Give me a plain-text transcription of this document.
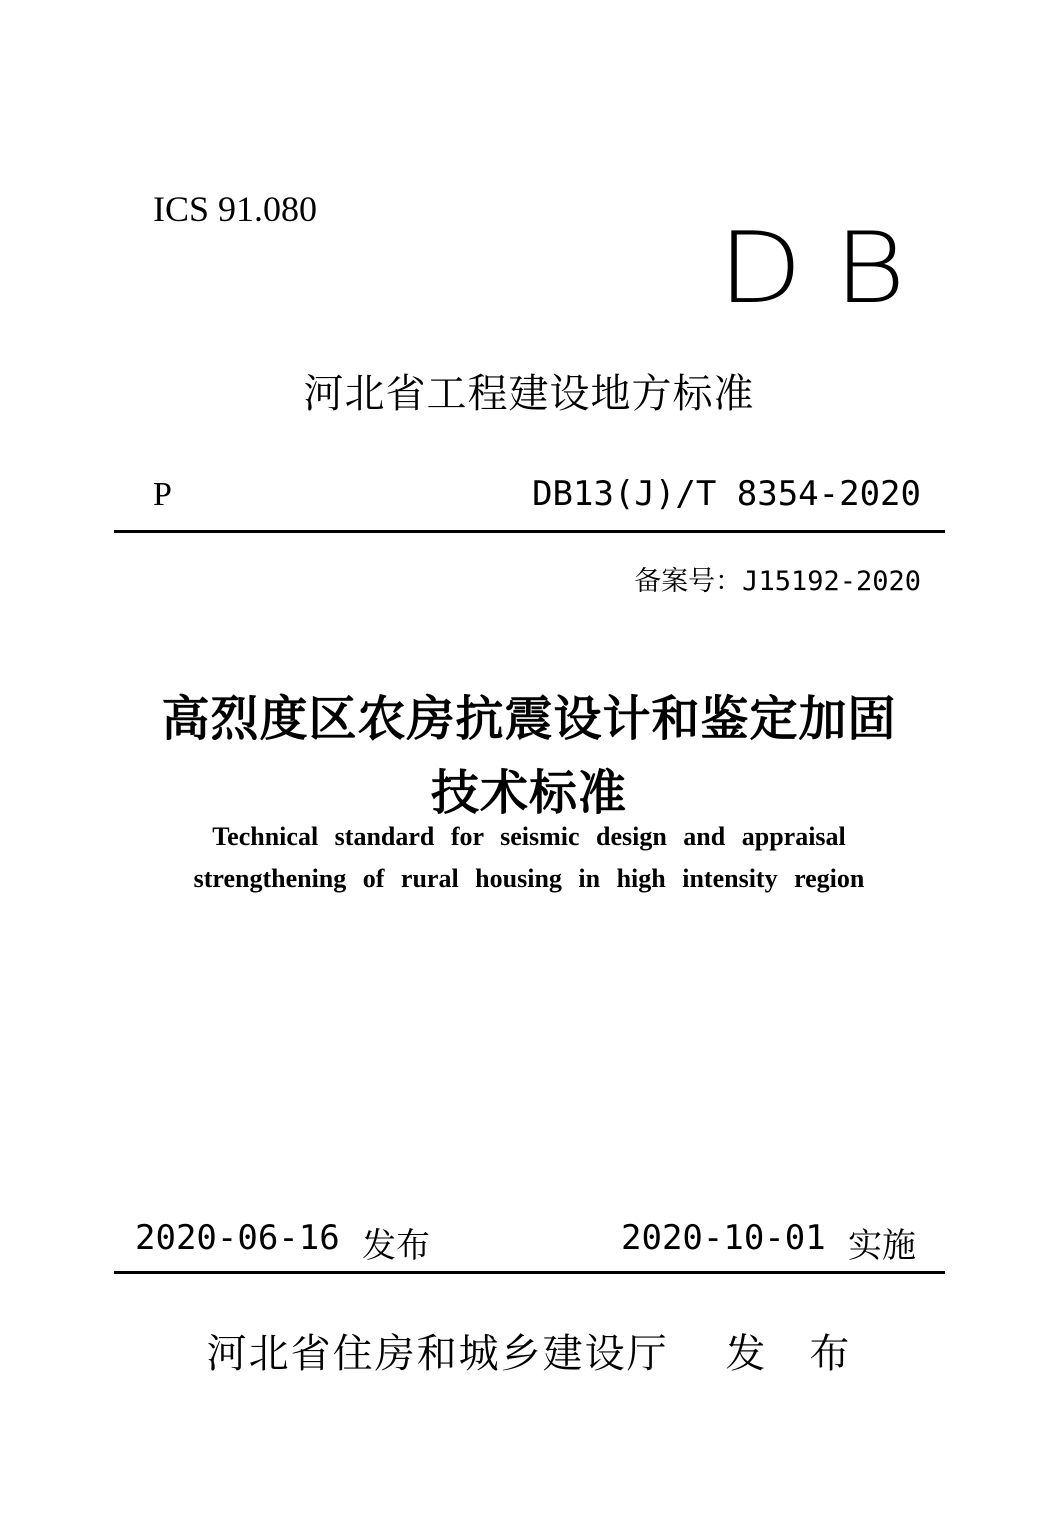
ICS 91.080
DB
河北省工程建设地方标准
P	DB13(J)/T 8354-2020
备案号：J15192-2020
高烈度区农房抗震设计和鉴定加固
技术标准
Technical standard for seismic design and appraisal
strengthening of rural housing in high intensity region
2020-06-16 发布	2020-10-01 实施
河北省住房和城乡建设厅　 发　布
